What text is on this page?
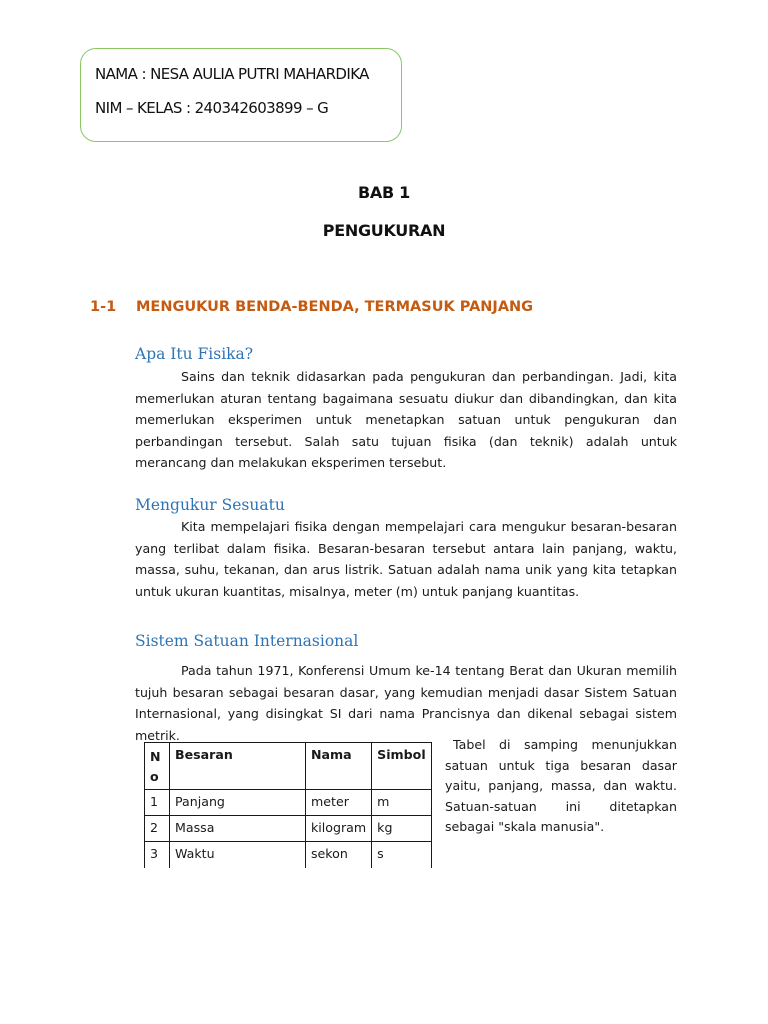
NAMA : NESA AULIA PUTRI MAHARDIKA
NIM – KELAS : 240342603899 – G
BAB 1
PENGUKURAN
1-1 MENGUKUR BENDA-BENDA, TERMASUK PANJANG
Apa Itu Fisika?

Sains dan teknik didasarkan pada pengukuran dan perbandingan. Jadi, kita memerlukan aturan tentang bagaimana sesuatu diukur dan dibandingkan, dan kita memerlukan eksperimen untuk menetapkan satuan untuk pengukuran dan perbandingan tersebut. Salah satu tujuan fisika (dan teknik) adalah untuk merancang dan melakukan eksperimen tersebut.

Mengukur Sesuatu

Kita mempelajari fisika dengan mempelajari cara mengukur besaran-besaran yang terlibat dalam fisika. Besaran-besaran tersebut antara lain panjang, waktu, massa, suhu, tekanan, dan arus listrik. Satuan adalah nama unik yang kita tetapkan untuk ukuran kuantitas, misalnya, meter (m) untuk panjang kuantitas.

Sistem Satuan Internasional

Pada tahun 1971, Konferensi Umum ke-14 tentang Berat dan Ukuran memilih tujuh besaran sebagai besaran dasar, yang kemudian menjadi dasar Sistem Satuan Internasional, yang disingkat SI dari nama Prancisnya dan dikenal sebagai sistem metrik.

No	Besaran	Nama	Simbol
1	Panjang	meter	m
2	Massa	kilogram	kg
3	Waktu	sekon	s

Tabel di samping menunjukkan satuan untuk tiga besaran dasar yaitu, panjang, massa, dan waktu. Satuan-satuan ini ditetapkan sebagai "skala manusia".
